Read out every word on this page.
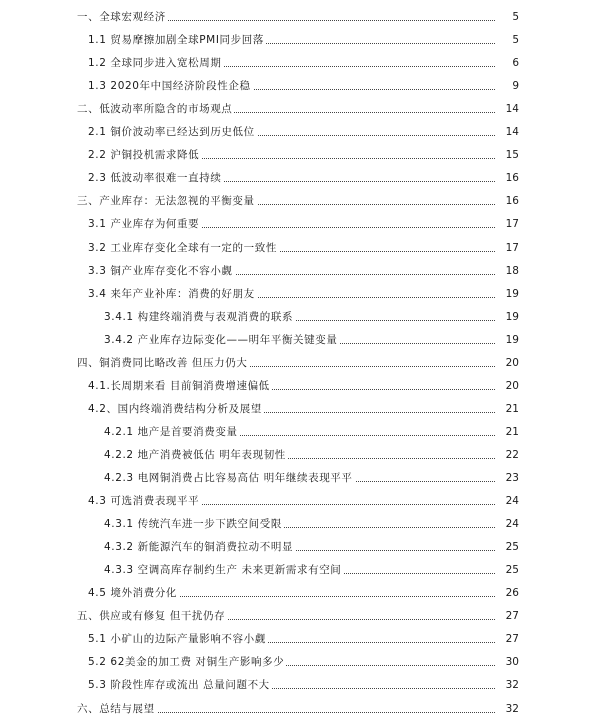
一、全球宏观经济	5
1.1 贸易摩擦加剧全球PMI同步回落	5
1.2 全球同步进入宽松周期	6
1.3 2020年中国经济阶段性企稳	9
二、低波动率所隐含的市场观点	14
2.1 铜价波动率已经达到历史低位	14
2.2 沪铜投机需求降低	15
2.3 低波动率很难一直持续	16
三、产业库存：无法忽视的平衡变量	16
3.1 产业库存为何重要	17
3.2 工业库存变化全球有一定的一致性	17
3.3 铜产业库存变化不容小觑	18
3.4 来年产业补库：消费的好朋友	19
3.4.1 构建终端消费与表观消费的联系	19
3.4.2 产业库存边际变化——明年平衡关键变量	19
四、铜消费同比略改善 但压力仍大	20
4.1.长周期来看 目前铜消费增速偏低	20
4.2、国内终端消费结构分析及展望	21
4.2.1 地产是首要消费变量	21
4.2.2 地产消费被低估 明年表现韧性	22
4.2.3 电网铜消费占比容易高估 明年继续表现平平	23
4.3 可选消费表现平平	24
4.3.1 传统汽车进一步下跌空间受限	24
4.3.2 新能源汽车的铜消费拉动不明显	25
4.3.3 空调高库存制约生产 未来更新需求有空间	25
4.5 境外消费分化	26
五、供应或有修复 但干扰仍存	27
5.1 小矿山的边际产量影响不容小觑	27
5.2 62美金的加工费 对铜生产影响多少	30
5.3 阶段性库存或流出 总量问题不大	32
六、总结与展望	32
